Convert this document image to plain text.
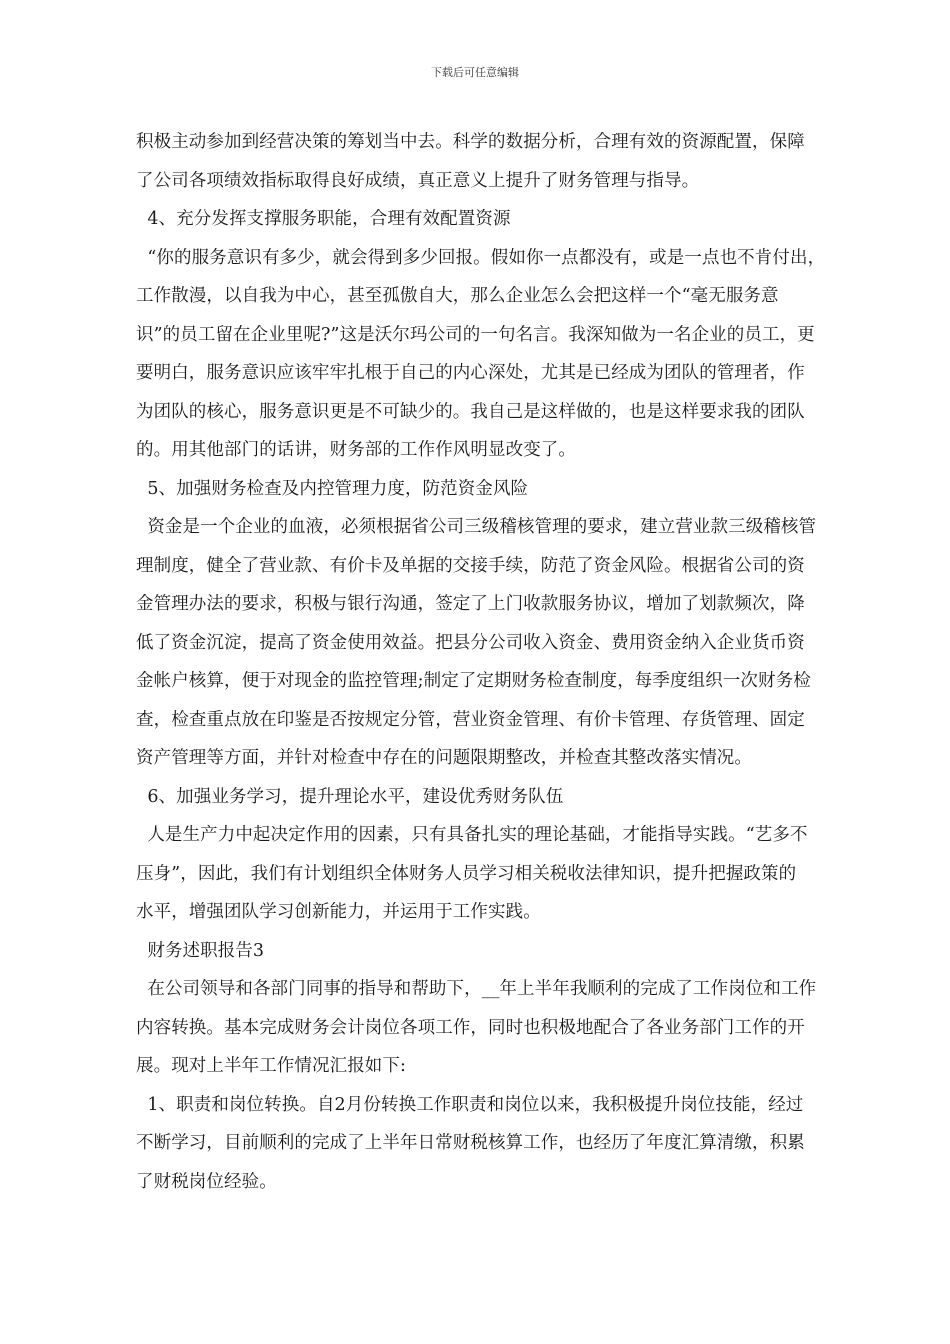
下载后可任意编辑
积极主动参加到经营决策的筹划当中去。科学的数据分析，合理有效的资源配置，保障
了公司各项绩效指标取得良好成绩，真正意义上提升了财务管理与指导。
4、充分发挥支撑服务职能，合理有效配置资源
“你的服务意识有多少，就会得到多少回报。假如你一点都没有，或是一点也不肯付出，
工作散漫，以自我为中心，甚至孤傲自大，那么企业怎么会把这样一个“毫无服务意
识”的员工留在企业里呢?”这是沃尔玛公司的一句名言。我深知做为一名企业的员工，更
要明白，服务意识应该牢牢扎根于自己的内心深处，尤其是已经成为团队的管理者，作
为团队的核心，服务意识更是不可缺少的。我自己是这样做的，也是这样要求我的团队
的。用其他部门的话讲，财务部的工作作风明显改变了。
5、加强财务检查及内控管理力度，防范资金风险
资金是一个企业的血液，必须根据省公司三级稽核管理的要求，建立营业款三级稽核管
理制度，健全了营业款、有价卡及单据的交接手续，防范了资金风险。根据省公司的资
金管理办法的要求，积极与银行沟通，签定了上门收款服务协议，增加了划款频次，降
低了资金沉淀，提高了资金使用效益。把县分公司收入资金、费用资金纳入企业货币资
金帐户核算，便于对现金的监控管理;制定了定期财务检查制度，每季度组织一次财务检
查，检查重点放在印鉴是否按规定分管，营业资金管理、有价卡管理、存货管理、固定
资产管理等方面，并针对检查中存在的问题限期整改，并检查其整改落实情况。
6、加强业务学习，提升理论水平，建设优秀财务队伍
人是生产力中起决定作用的因素，只有具备扎实的理论基础，才能指导实践。“艺多不
压身”，因此，我们有计划组织全体财务人员学习相关税收法律知识，提升把握政策的
水平，增强团队学习创新能力，并运用于工作实践。
财务述职报告3
在公司领导和各部门同事的指导和帮助下，__年上半年我顺利的完成了工作岗位和工作
内容转换。基本完成财务会计岗位各项工作，同时也积极地配合了各业务部门工作的开
展。现对上半年工作情况汇报如下:
1、职责和岗位转换。自2月份转换工作职责和岗位以来，我积极提升岗位技能，经过
不断学习，目前顺利的完成了上半年日常财税核算工作，也经历了年度汇算清缴，积累
了财税岗位经验。
